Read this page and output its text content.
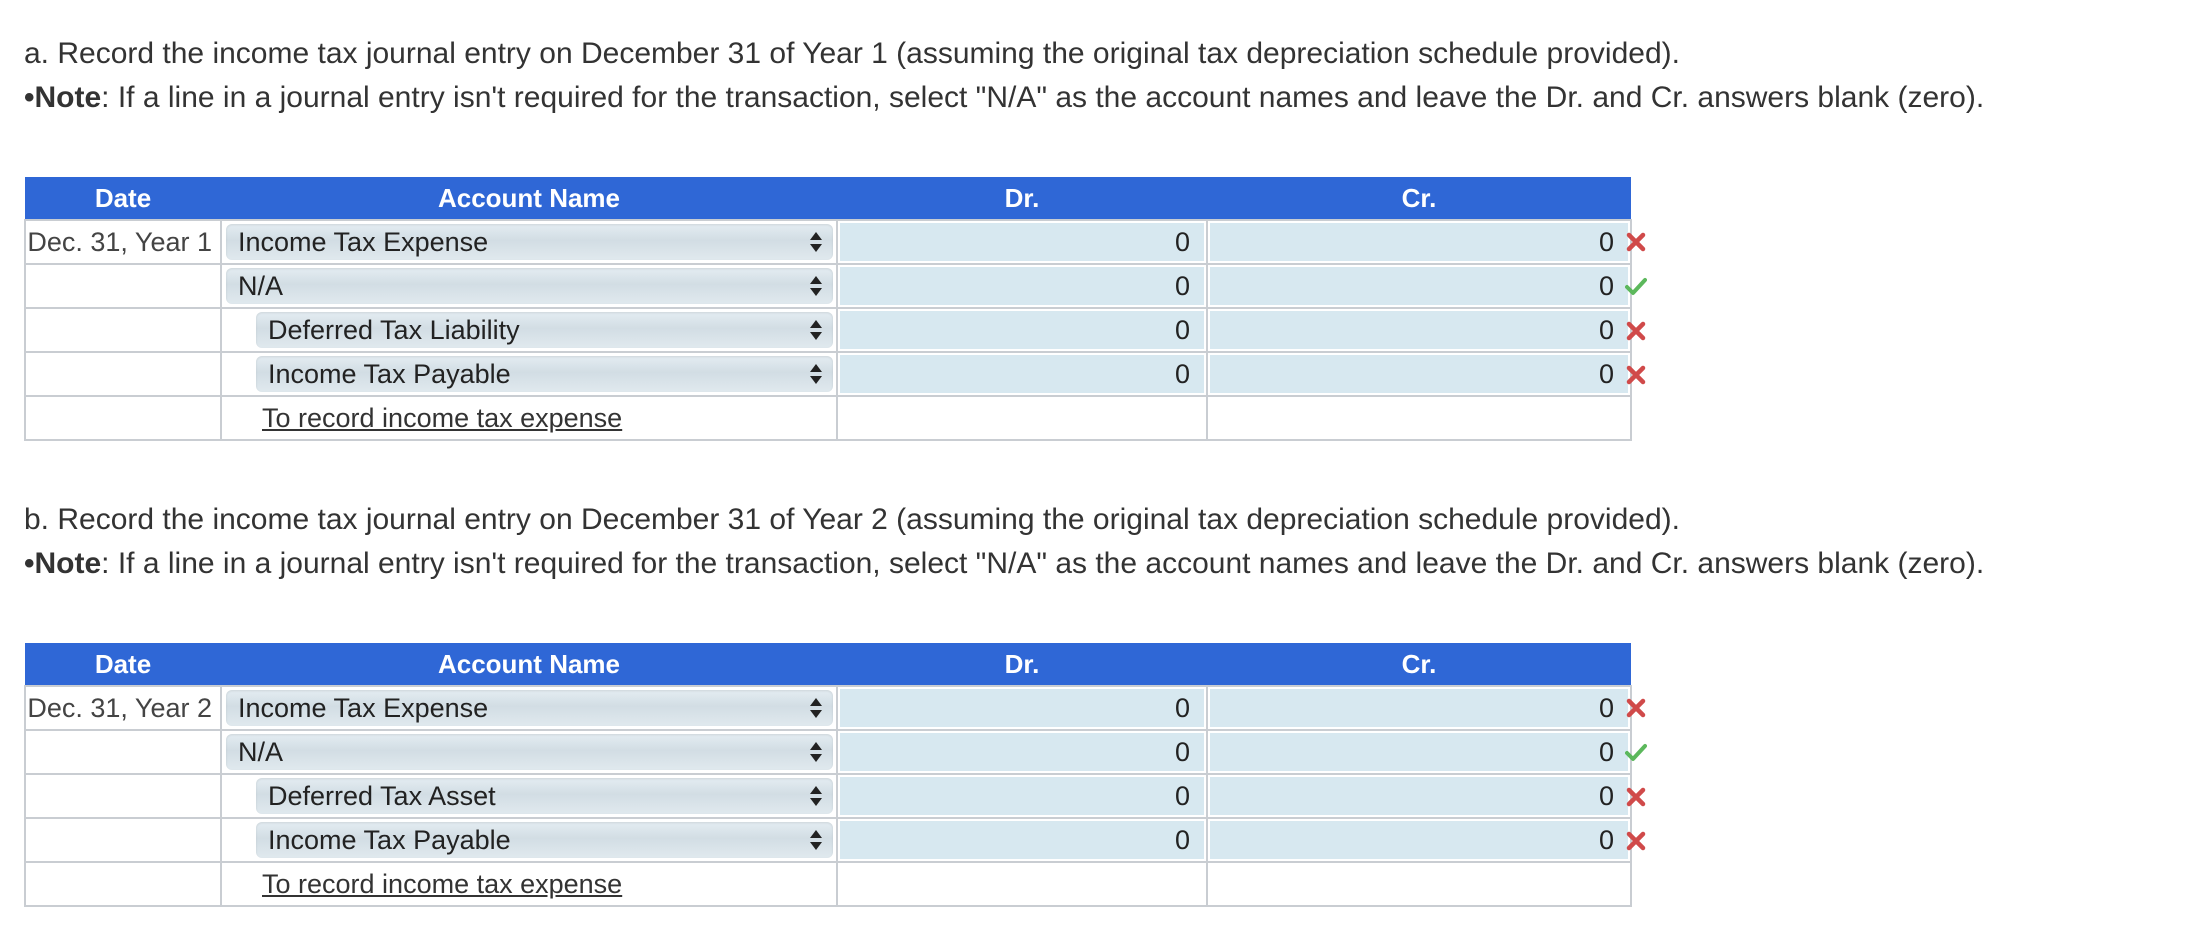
a. Record the income tax journal entry on December 31 of Year 1 (assuming the original tax depreciation schedule provided).
•Note: If a line in a journal entry isn't required for the transaction, select "N/A" as the account names and leave the Dr. and Cr. answers blank (zero).
Date	Account Name	Dr.	Cr.
Dec. 31, Year 1	Income Tax Expense	0	0

	N/A	0	0

	Deferred Tax Liability	0	0

	Income Tax Payable	0	0

	To record income tax expense		
b. Record the income tax journal entry on December 31 of Year 2 (assuming the original tax depreciation schedule provided).
•Note: If a line in a journal entry isn't required for the transaction, select "N/A" as the account names and leave the Dr. and Cr. answers blank (zero).
Date	Account Name	Dr.	Cr.
Dec. 31, Year 2	Income Tax Expense	0	0

	N/A	0	0

	Deferred Tax Asset	0	0

	Income Tax Payable	0	0

	To record income tax expense		
